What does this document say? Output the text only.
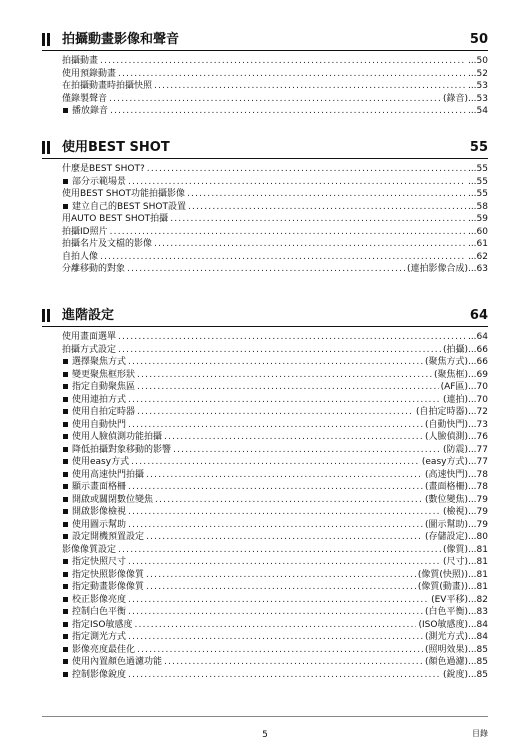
拍攝動畫影像和聲音	50
拍攝動畫 .....	...50
使用預錄動畫 .....	...52
在拍攝動畫時拍攝快照 .....	...53
僅錄製聲音 .....	(錄音)...53
播放錄音 .....	...54
使用BEST SHOT	55
什麼是BEST SHOT? .....	...55
部分示範場景 .....	...55
使用BEST SHOT功能拍攝影像 .....	...55
建立自己的BEST SHOT設置 .....	...58
用AUTO BEST SHOT拍攝 .....	...59
拍攝ID照片 .....	...60
拍攝名片及文檔的影像 .....	...61
自拍人像 .....	...62
分離移動的對象 .....	(連拍影像合成)...63
進階設定	64
使用畫面選單 .....	...64
拍攝方式設定 .....	(拍攝)...66
選擇聚焦方式 .....	(聚焦方式)...66
變更聚焦框形狀 .....	(聚焦框)...69
指定自動聚焦區 .....	(AF區)...70
使用連拍方式 .....	(連拍)...70
使用自拍定時器 .....	(自拍定時器)...72
使用自動快門 .....	(自動快門)...73
使用人臉偵測功能拍攝 .....	(人臉偵測)...76
降低拍攝對象移動的影響 .....	(防震)...77
使用easy方式 .....	(easy方式)...77
使用高速快門拍攝 .....	(高速快門)...78
顯示畫面格柵 .....	(畫面格柵)...78
開啟或關閉數位變焦 .....	(數位變焦)...79
開啟影像檢視 .....	(檢視)...79
使用圖示幫助 .....	(圖示幫助)...79
設定開機預置設定 .....	(存儲設定)...80
影像像質設定 .....	(像質)...81
指定快照尺寸 .....	(尺寸)...81
指定快照影像像質 .....	(像質(快照))...81
指定動畫影像像質 .....	(像質(動畫))...81
校正影像亮度 .....	(EV平移)...82
控制白色平衡 .....	(白色平衡)...83
指定ISO敏感度 .....	(ISO敏感度)...84
指定測光方式 .....	(測光方式)...84
影像亮度最佳化 .....	(照明效果)...85
使用內置顏色過濾功能 .....	(顏色過濾)...85
控制影像銳度 .....	(銳度)...85
5	目錄
